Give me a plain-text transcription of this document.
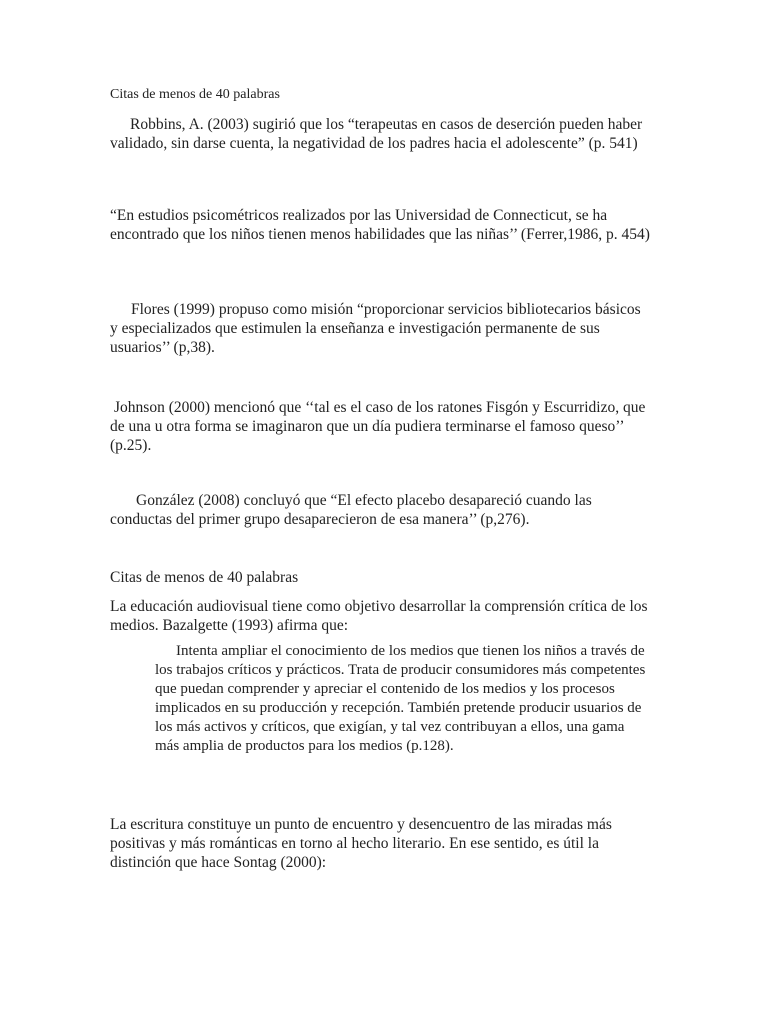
Citas de menos de 40 palabras

Robbins, A. (2003) sugirió que los “terapeutas en casos de deserción pueden haber validado, sin darse cuenta, la negatividad de los padres hacia el adolescente” (p. 541)

“En estudios psicométricos realizados por las Universidad de Connecticut, se ha encontrado que los niños tienen menos habilidades que las niñas’’ (Ferrer,1986, p. 454)

Flores (1999) propuso como misión “proporcionar servicios bibliotecarios básicos y especializados que estimulen la enseñanza e investigación permanente de sus usuarios’’ (p,38).

Johnson (2000) mencionó que ‘‘tal es el caso de los ratones Fisgón y Escurridizo, que de una u otra forma se imaginaron que un día pudiera terminarse el famoso queso’’ (p.25).

González (2008) concluyó que “El efecto placebo desapareció cuando las conductas del primer grupo desaparecieron de esa manera’’ (p,276).

Citas de menos de 40 palabras

La educación audiovisual tiene como objetivo desarrollar la comprensión crítica de los medios. Bazalgette (1993) afirma que:

Intenta ampliar el conocimiento de los medios que tienen los niños a través de los trabajos críticos y prácticos. Trata de producir consumidores más competentes que puedan comprender y apreciar el contenido de los medios y los procesos implicados en su producción y recepción. También pretende producir usuarios de los más activos y críticos, que exigían, y tal vez contribuyan a ellos, una gama más amplia de productos para los medios (p.128).

La escritura constituye un punto de encuentro y desencuentro de las miradas más positivas y más románticas en torno al hecho literario. En ese sentido, es útil la distinción que hace Sontag (2000):
